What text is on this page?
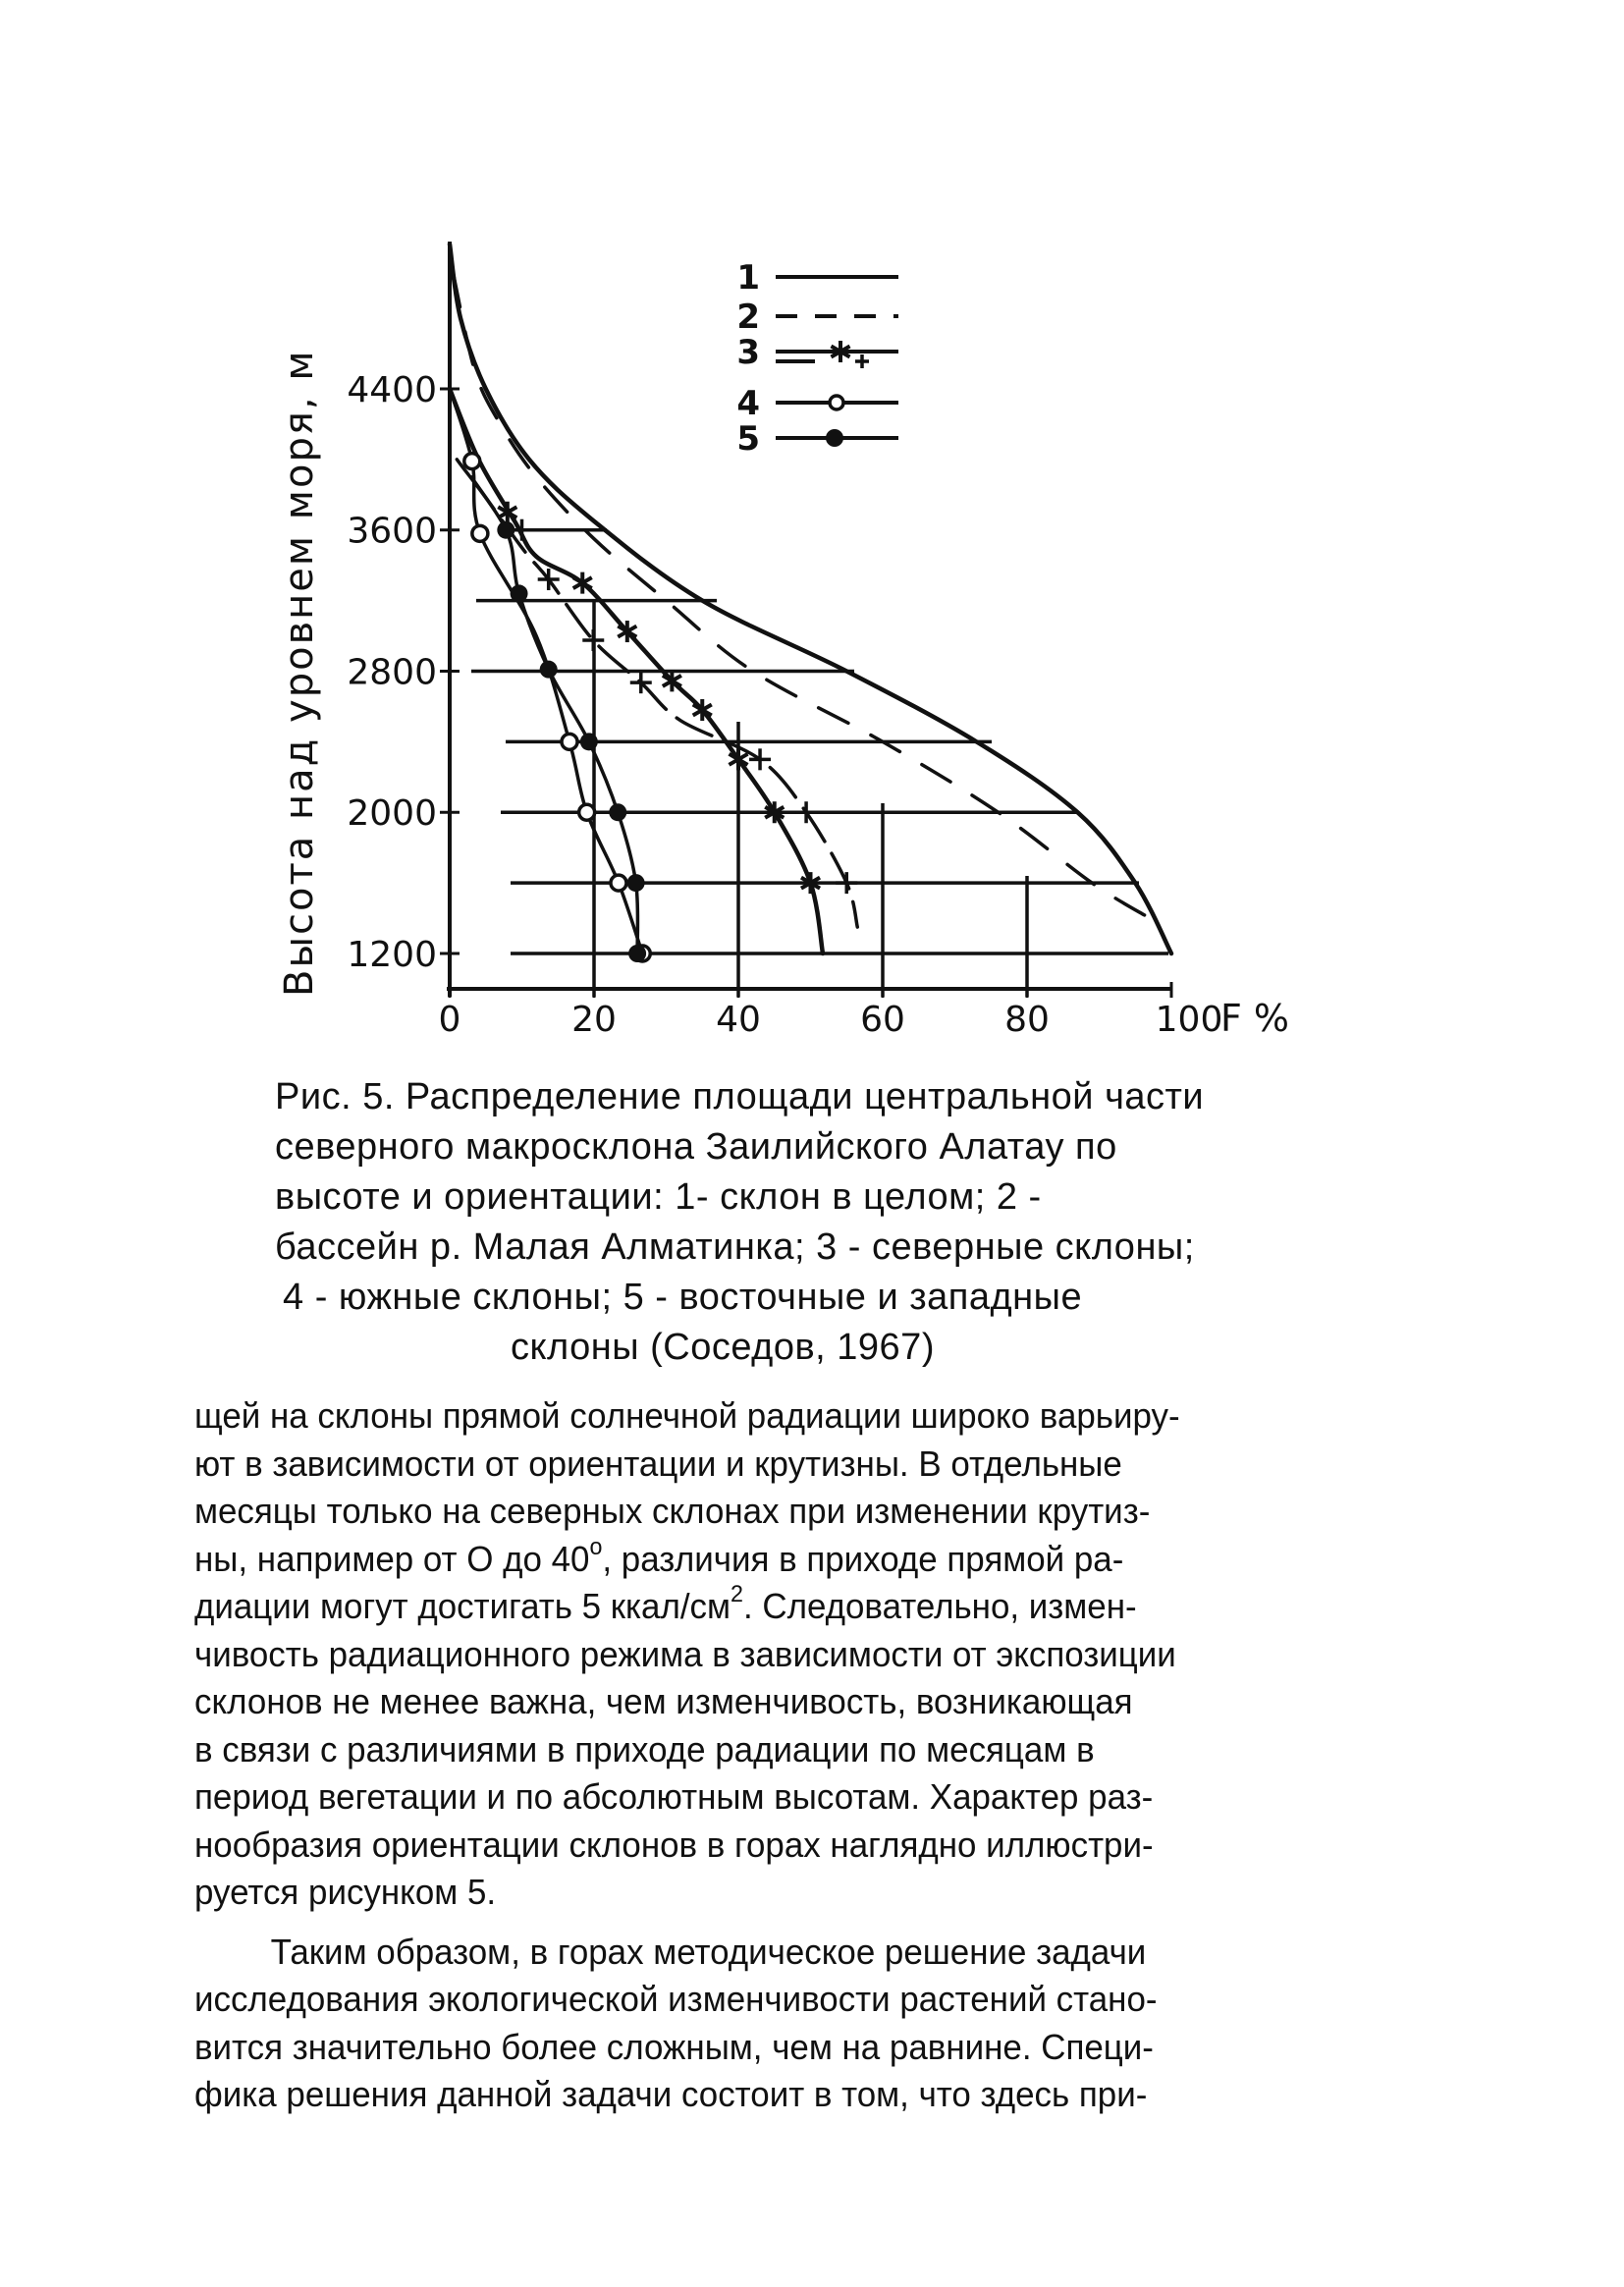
1200
2000
2800
3600
4400
0	20	40	60	80	100
Высота над уровнем моря, м
F %
1
2
3
4
5
Рис. 5. Распределение площади центральной части
северного макросклона Заилийского Алатау по
высоте и ориентации: 1- склон в целом; 2 -
бассейн р. Малая Алматинка; 3 - северные склоны;
4 - южные склоны; 5 - восточные и западные
склоны (Соседов, 1967)
щей на склоны прямой солнечной радиации широко варьиру-
ют в зависимости от ориентации и крутизны. В отдельные
месяцы только на северных склонах при изменении крутиз-
ны, например от О до $40^о$, различия в приходе прямой ра-
диации могут достигать 5 ккал/$см^2$. Следовательно, измен-
чивость радиационного режима в зависимости от экспозиции
склонов не менее важна, чем изменчивость, возникающая
в связи с различиями в приходе радиации по месяцам в
период вегетации и по абсолютным высотам. Характер раз-
нообразия ориентации склонов в горах наглядно иллюстри-
руется рисунком 5.
Таким образом, в горах методическое решение задачи
исследования экологической изменчивости растений стано-
вится значительно более сложным, чем на равнине. Специ-
фика решения данной задачи состоит в том, что здесь при-
